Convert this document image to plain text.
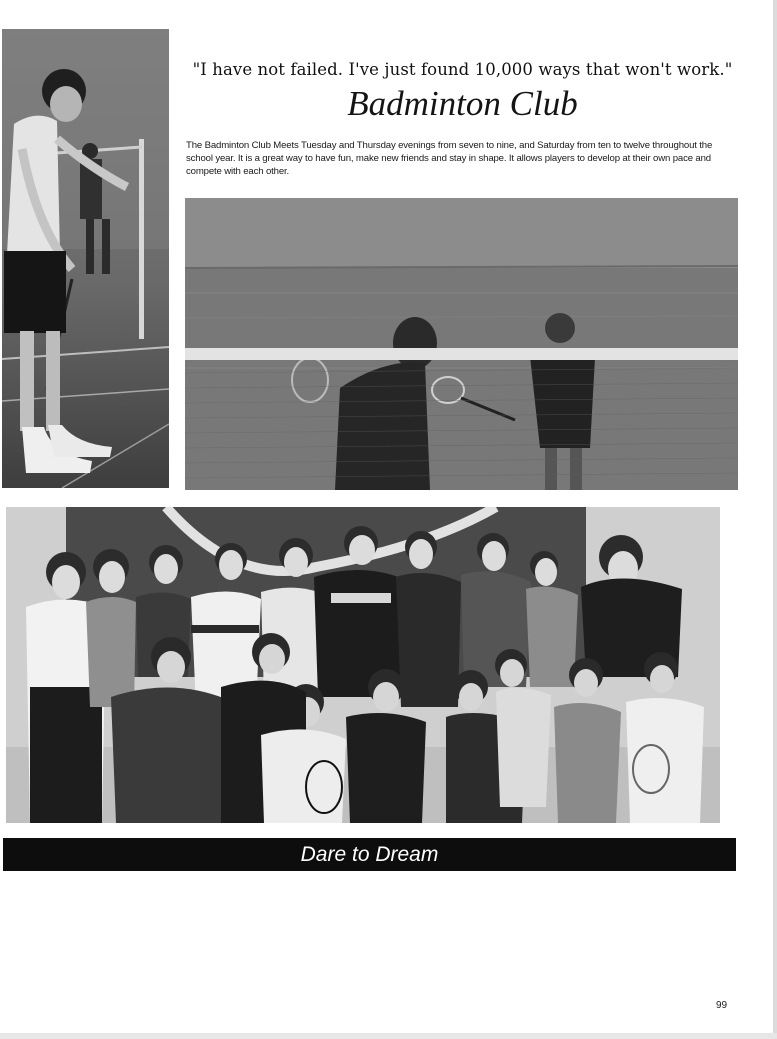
"I have not failed. I've just found 10,000 ways that won't work."
Badminton Club
The Badminton Club Meets Tuesday and Thursday evenings from seven to nine, and Saturday from ten to twelve throughout the school year. It is a great way to have fun, make new friends and stay in shape. It allows players to develop at their own pace and compete with each other.
Dare to Dream
99
